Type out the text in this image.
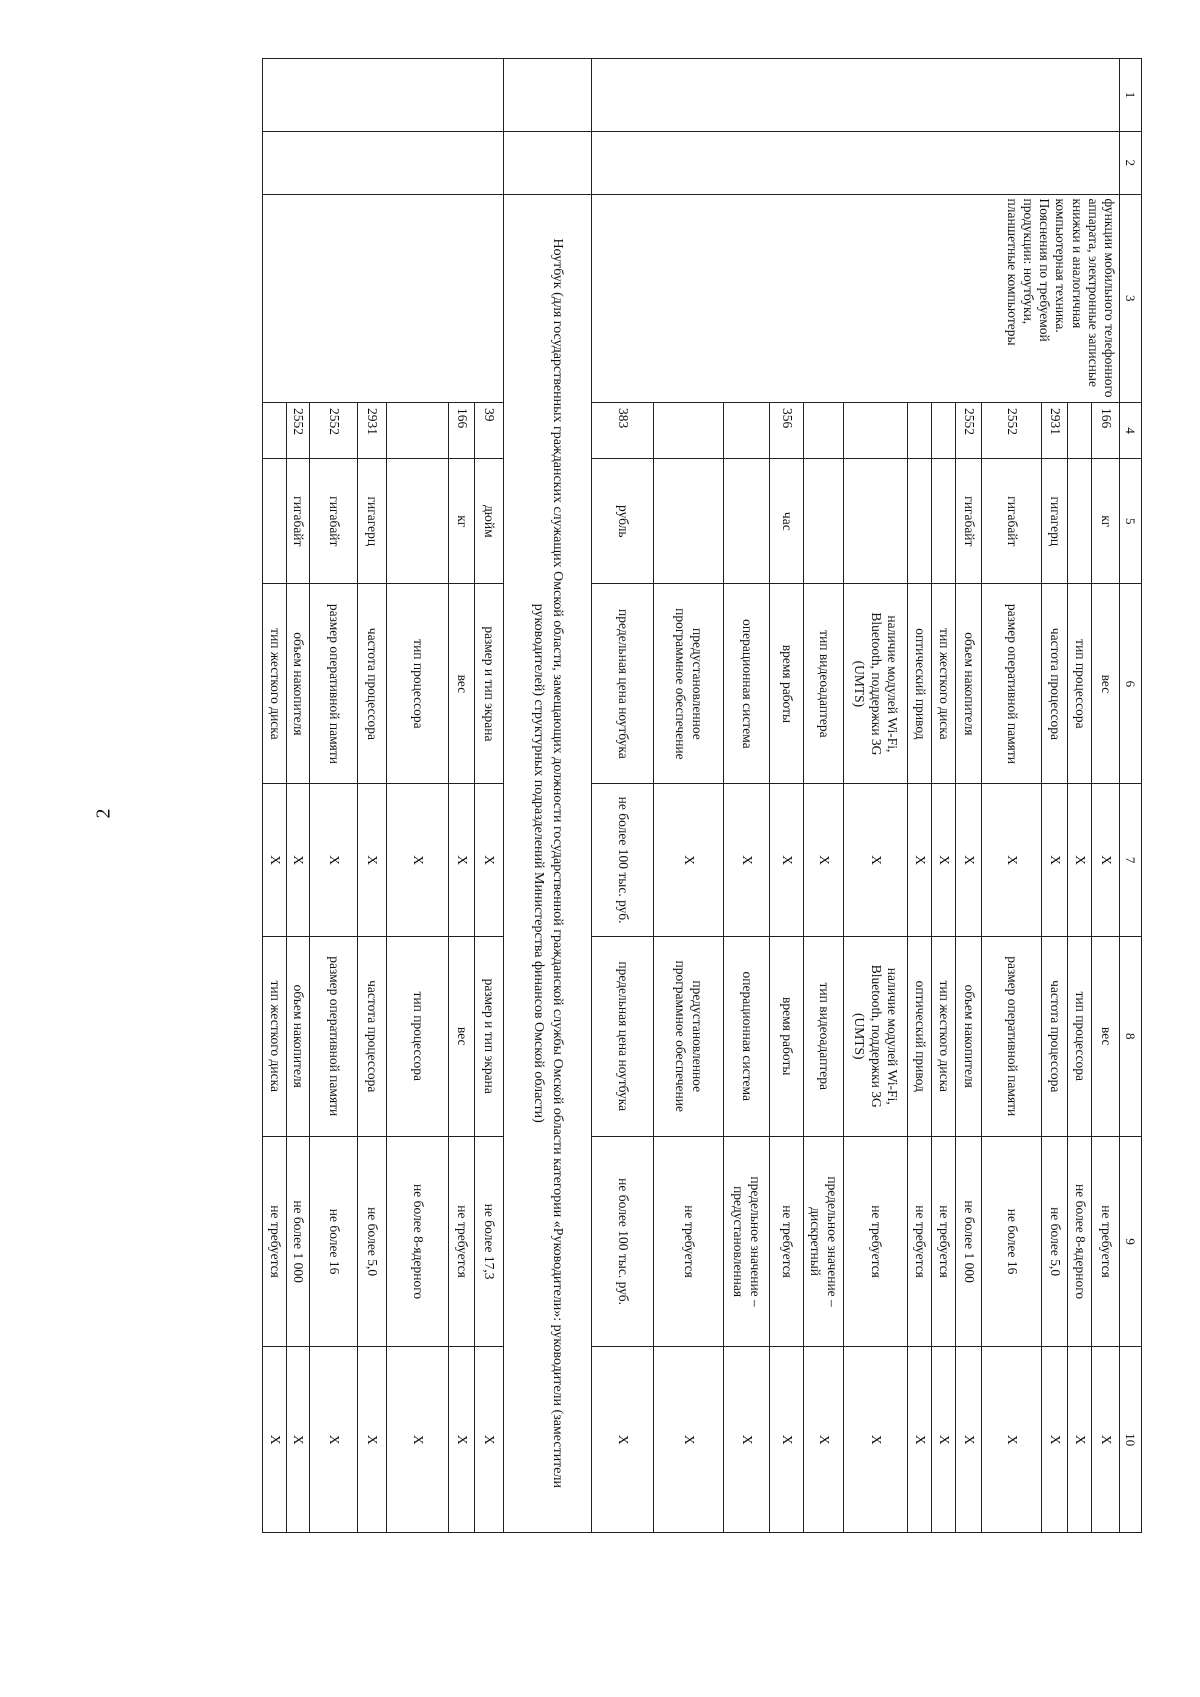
2
1	2	3	4	5	6	7	8	9	10
		функции мобильного телефонного аппарата, электронные записные книжки и аналогичная компьютерная техника. Пояснения по требуемой продукции: ноутбуки, планшетные компьютеры	166	кг	вес	Х	вес	не требуется	Х
					тип процессора	Х	тип процессора	не более 8-ядерного	Х
			2931	гигагерц	частота процессора	Х	частота процессора	не более 5,0	Х
			2552	гигабайт	размер оперативной памяти	Х	размер оперативной памяти	не более 16	Х
			2552	гигабайт	объем накопителя	Х	объем накопителя	не более 1 000	Х
					тип жесткого диска	Х	тип жесткого диска	не требуется	Х
					оптический привод	Х	оптический привод	не требуется	Х
					наличие модулей Wi-Fi, Bluetooth, поддержки 3G (UMTS)	Х	наличие модулей Wi-Fi, Bluetooth, поддержки 3G (UMTS)	не требуется	Х
					тип видеоадаптера	Х	тип видеоадаптера	предельное значение – дискретный	Х
			356	час	время работы	Х	время работы	не требуется	Х
					операционная система	Х	операционная система	предельное значение – предустановленная	Х
					предустановленное программное обеспечение	Х	предустановленное программное обеспечение	не требуется	Х
			383	рубль	предельная цена ноутбука	не более 100 тыс. руб.	предельная цена ноутбука	не более 100 тыс. руб.	Х
		Ноутбук (для государственных гражданских служащих Омской области, замещающих должности государственной гражданской службы Омской области категории «Руководители»: руководители (заместители руководителей) структурных подразделений Министерства финансов Омской области)							
			39	дюйм	размер и тип экрана	Х	размер и тип экрана	не более 17,3	Х
			166	кг	вес	Х	вес	не требуется	Х
					тип процессора	Х	тип процессора	не более 8-ядерного	Х
			2931	гигагерц	частота процессора	Х	частота процессора	не более 5,0	Х
			2552	гигабайт	размер оперативной памяти	Х	размер оперативной памяти	не более 16	Х
			2552	гигабайт	объем накопителя	Х	объем накопителя	не более 1 000	Х
					тип жесткого диска	Х	тип жесткого диска	не требуется	Х
